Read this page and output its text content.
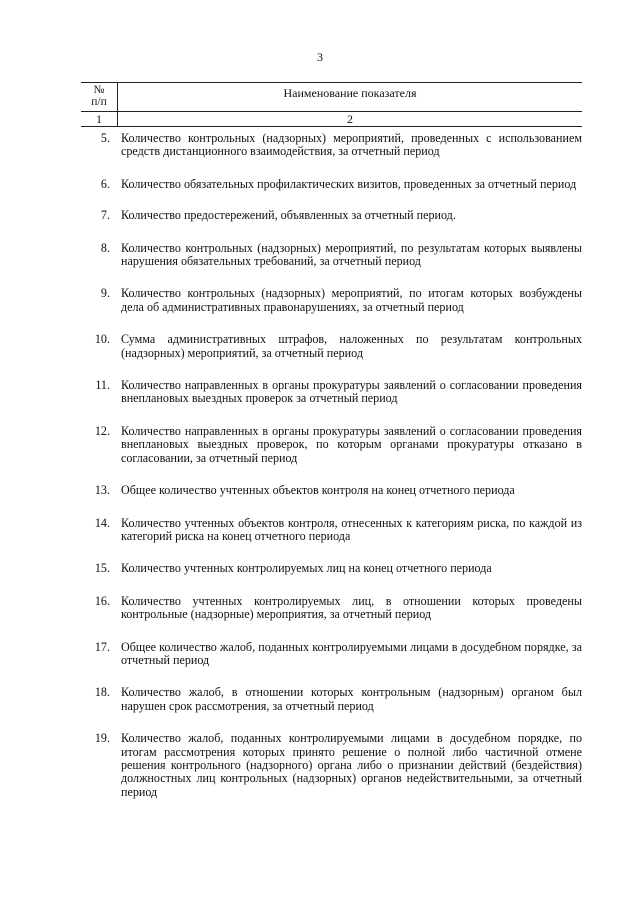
3
№
п/п
Наименование показателя
1	2
5. Количество контрольных (надзорных) мероприятий, проведенных с использованием средств дистанционного взаимодействия, за отчетный период
6. Количество обязательных профилактических визитов, проведенных за отчетный период
7. Количество предостережений, объявленных за отчетный период.
8. Количество контрольных (надзорных) мероприятий, по результатам которых выявлены нарушения обязательных требований, за отчетный период
9. Количество контрольных (надзорных) мероприятий, по итогам которых возбуждены дела об административных правонарушениях, за отчетный период
10. Сумма административных штрафов, наложенных по результатам контрольных (надзорных) мероприятий, за отчетный период
11. Количество направленных в органы прокуратуры заявлений о согласовании проведения внеплановых выездных проверок за отчетный период
12. Количество направленных в органы прокуратуры заявлений о согласовании проведения внеплановых выездных проверок, по которым органами прокуратуры отказано в согласовании, за отчетный период
13. Общее количество учтенных объектов контроля на конец отчетного периода
14. Количество учтенных объектов контроля, отнесенных к категориям риска, по каждой из категорий риска на конец отчетного периода
15. Количество учтенных контролируемых лиц на конец отчетного периода
16. Количество учтенных контролируемых лиц, в отношении которых проведены контрольные (надзорные) мероприятия, за отчетный период
17. Общее количество жалоб, поданных контролируемыми лицами в досудебном порядке, за отчетный период
18. Количество жалоб, в отношении которых контрольным (надзорным) органом был нарушен срок рассмотрения, за отчетный период
19. Количество жалоб, поданных контролируемыми лицами в досудебном порядке, по итогам рассмотрения которых принято решение о полной либо частичной отмене решения контрольного (надзорного) органа либо о признании действий (бездействия) должностных лиц контрольных (надзорных) органов недействительными, за отчетный период
